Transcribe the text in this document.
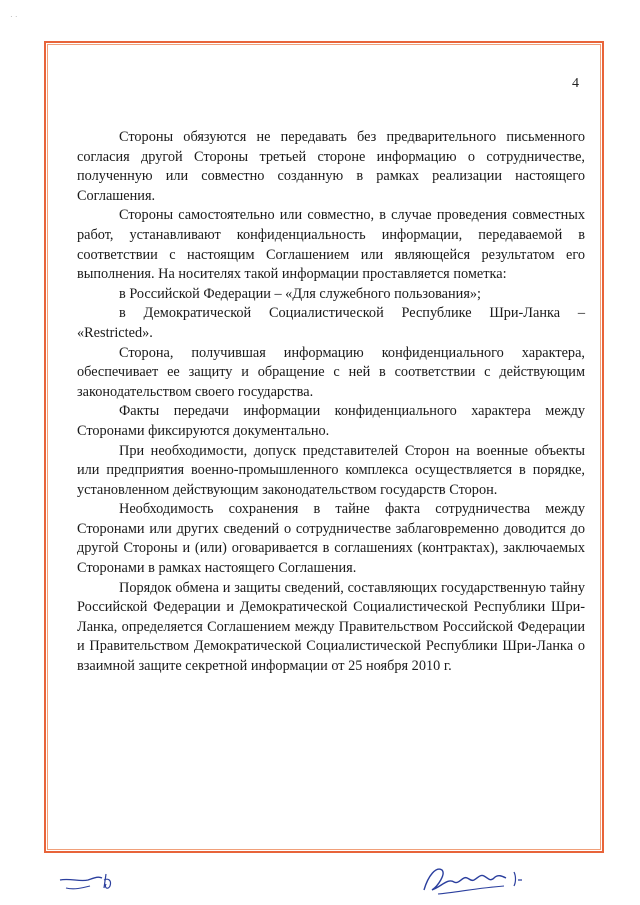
· ·
4

Стороны обязуются не передавать без предварительного письменного согласия другой Стороны третьей стороне информацию о сотрудничестве, полученную или совместно созданную в рамках реализации настоящего Соглашения.

Стороны самостоятельно или совместно, в случае проведения совместных работ, устанавливают конфиденциальность информации, передаваемой в соответствии с настоящим Соглашением или являющейся результатом его выполнения. На носителях такой информации проставляется пометка:

в Российской Федерации – «Для служебного пользования»;

в Демократической Социалистической Республике Шри-Ланка – «Restricted».

Сторона, получившая информацию конфиденциального характера, обеспечивает ее защиту и обращение с ней в соответствии с действующим законодательством своего государства.

Факты передачи информации конфиденциального характера между Сторонами фиксируются документально.

При необходимости, допуск представителей Сторон на военные объекты или предприятия военно-промышленного комплекса осуществляется в порядке, установленном действующим законодательством государств Сторон.

Необходимость сохранения в тайне факта сотрудничества между Сторонами или других сведений о сотрудничестве заблаговременно доводится до другой Стороны и (или) оговаривается в соглашениях (контрактах), заключаемых Сторонами в рамках настоящего Соглашения.

Порядок обмена и защиты сведений, составляющих государственную тайну Российской Федерации и Демократической Социалистической Республики Шри-Ланка, определяется Соглашением между Правительством Российской Федерации и Правительством Демократической Социалистической Республики Шри-Ланка о взаимной защите секретной информации от 25 ноября 2010 г.
